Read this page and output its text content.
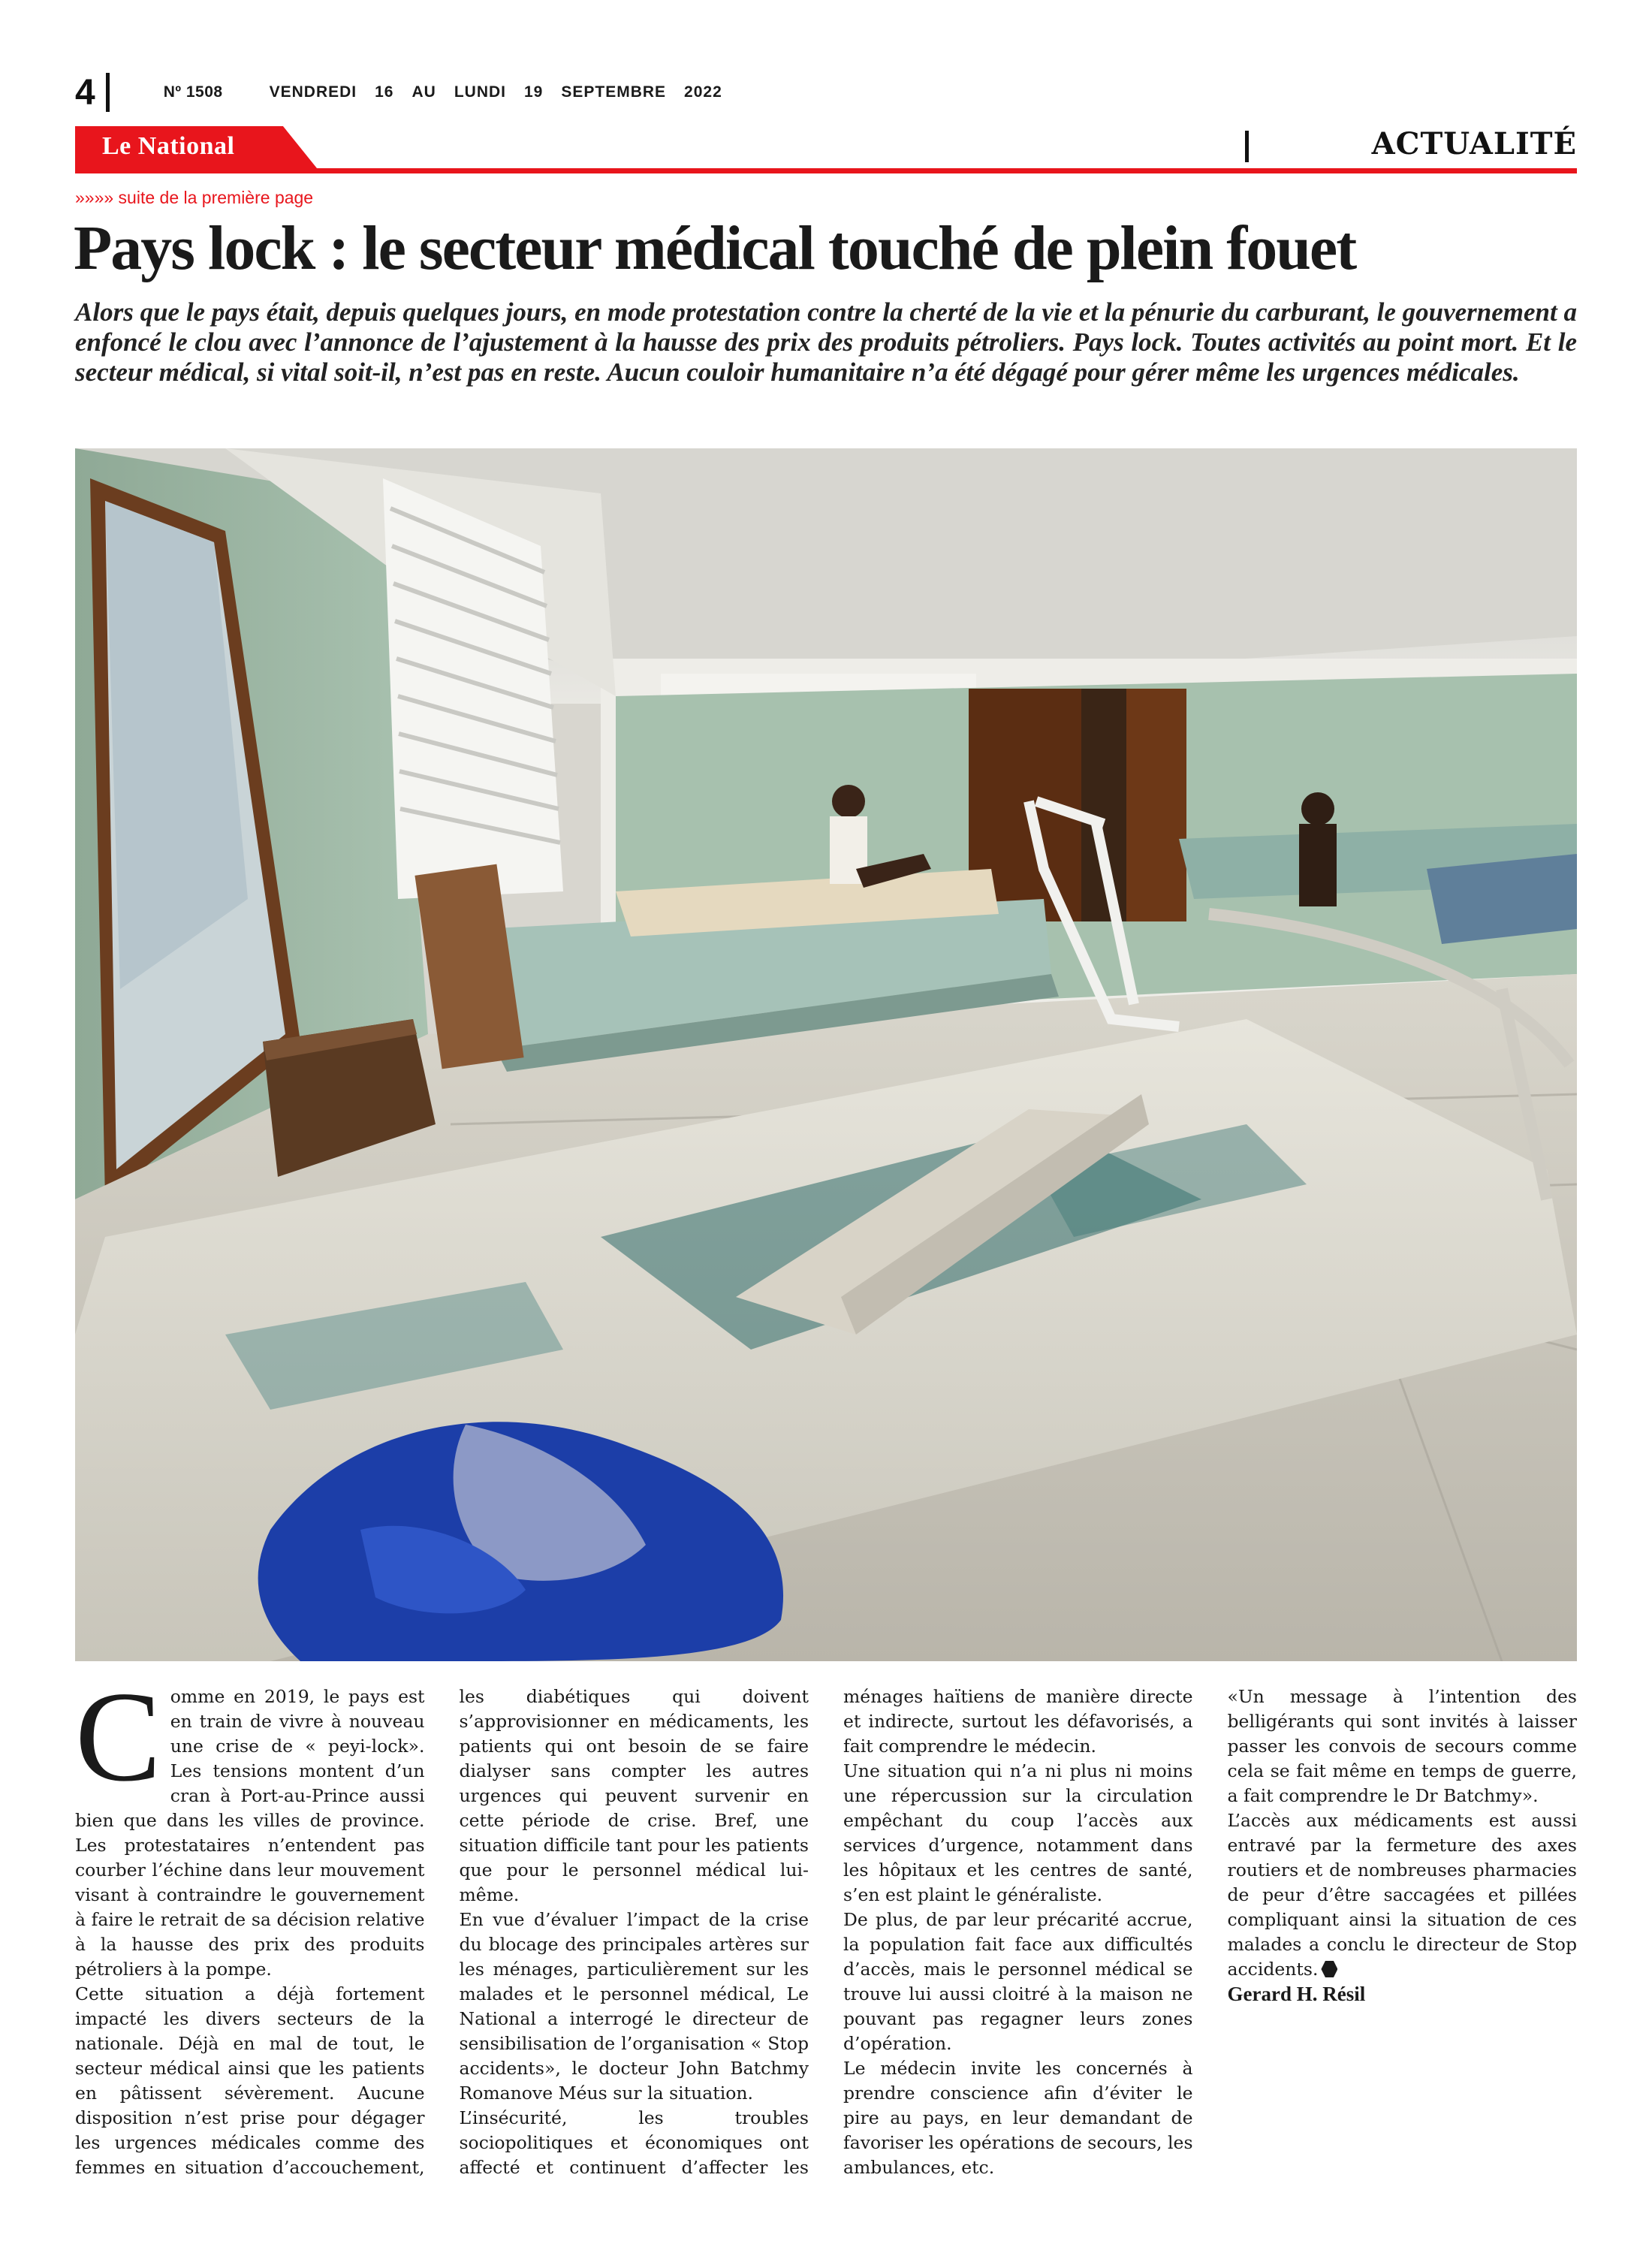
4	Nº 1508	VENDREDI 16 AU LUNDI 19 SEPTEMBRE 2022
Le National	ACTUALITÉ
»»»» suite de la première page
Pays lock : le secteur médical touché de plein fouet

Alors que le pays était, depuis quelques jours, en mode protestation contre la cherté de la vie et la pénurie du carburant, le gouvernement a enfoncé le clou avec l’annonce de l’ajustement à la hausse des prix des produits pétroliers. Pays lock. Toutes activités au point mort. Et le secteur médical, si vital soit-il, n’est pas en reste. Aucun couloir humanitaire n’a été dégagé pour gérer même les urgences médicales.

Comme en 2019, le pays est en train de vivre à nouveau une crise de « peyi-lock». Les tensions montent d’un cran à Port-au-Prince aussi bien que dans les villes de province. Les protestataires n’entendent pas courber l’échine dans leur mouvement visant à contraindre le gouvernement à faire le retrait de sa décision relative à la hausse des prix des produits pétroliers à la pompe.

Cette situation a déjà fortement impacté les divers secteurs de la nationale. Déjà en mal de tout, le secteur médical ainsi que les patients en pâtissent sévèrement. Aucune disposition n’est prise pour dégager les urgences médicales comme des femmes en situation d’accouchement, les diabétiques qui doivent s’approvisionner en médicaments, les patients qui ont besoin de se faire dialyser sans compter les autres urgences qui peuvent survenir en cette période de crise. Bref, une situation difficile tant pour les patients que pour le personnel médical lui-même.

En vue d’évaluer l’impact de la crise du blocage des principales artères sur les ménages, particulièrement sur les malades et le personnel médical, Le National a interrogé le directeur de sensibilisation de l’organisation « Stop accidents», le docteur John Batchmy Romanove Méus sur la situation.

L’insécurité, les troubles sociopolitiques et économiques ont affecté et continuent d’affecter les ménages haïtiens de manière directe et indirecte, surtout les défavorisés, a fait comprendre le médecin.

Une situation qui n’a ni plus ni moins une répercussion sur la circulation empêchant du coup l’accès aux services d’urgence, notamment dans les hôpitaux et les centres de santé, s’en est plaint le généraliste.

De plus, de par leur précarité accrue, la population fait face aux difficultés d’accès, mais le personnel médical se trouve lui aussi cloitré à la maison ne pouvant pas regagner leurs zones d’opération.

Le médecin invite les concernés à prendre conscience afin d’éviter le pire au pays, en leur demandant de favoriser les opérations de secours, les ambulances, etc.

«Un message à l’intention des belligérants qui sont invités à laisser passer les convois de secours comme cela se fait même en temps de guerre, a fait comprendre le Dr Batchmy».

L’accès aux médicaments est aussi entravé par la fermeture des axes routiers et de nombreuses pharmacies de peur d’être saccagées et pillées compliquant ainsi la situation de ces malades a conclu le directeur de Stop accidents.

Gerard H. Résil
